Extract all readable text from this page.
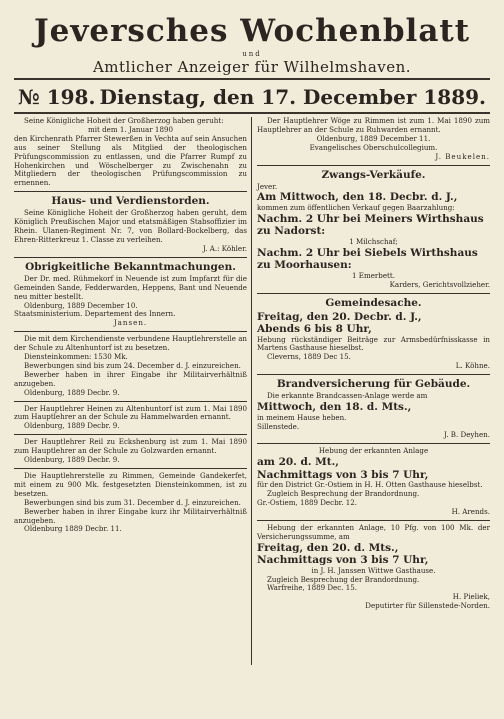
Jeversches Wochenblatt
und
Amtlicher Anzeiger für Wilhelmshaven.
№ 198. Dienstag, den 17. December 1889.

Seine Königliche Hoheit der Großherzog haben geruht:

mit dem 1. Januar 1890

den Kirchenrath Pfarrer Stewerßen in Vechta auf sein Ansuchen aus seiner Stellung als Mitglied der theologischen Prüfungscommission zu entlassen, und die Pfarrer Rumpf zu Hohenkirchen und Wöschelberger zu Zwischenahn zu Mitgliedern der theologischen Prüfungscommission zu ernennen.

Haus- und Verdienstorden.

Seine Königliche Hoheit der Großherzog haben geruht, dem Königlich Preußischen Major und etatsmäßigen Stabsoffizier im Rhein. Ulanen-Regiment Nr. 7, von Bollard-Bockelberg, das Ehren-Ritterkreuz 1. Classe zu verleihen.

J. A.: Köhler.

Obrigkeitliche Bekanntmachungen.

Der Dr. med. Rühmekorf in Neuende ist zum Impfarzt für die Gemeinden Sande, Fedderwarden, Heppens, Bant und Neuende neu mitter bestellt.

Oldenburg, 1889 December 10.

Staatsministerium. Departement des Innern.

Jansen.

Die mit dem Kirchendienste verbundene Hauptlehrerstelle an der Schule zu Altenhuntorf ist zu besetzen.

Diensteinkommen: 1530 Mk.

Bewerbungen sind bis zum 24. December d. J. einzureichen.

Bewerber haben in ihrer Eingabe ihr Militairverhältniß anzugeben.

Oldenburg, 1889 Decbr. 9.

Der Hauptlehrer Heinen zu Altenhuntorf ist zum 1. Mai 1890 zum Hauptlehrer an der Schule zu Hammelwarden ernannt.

Oldenburg, 1889 Decbr. 9.

Der Hauptlehrer Reil zu Eckshenburg ist zum 1. Mai 1890 zum Hauptlehrer an der Schule zu Golzwarden ernannt.

Oldenburg, 1889 Decbr. 9.

Die Hauptlehrerstelle zu Rimmen, Gemeinde Gandekerfet, mit einem zu 900 Mk. festgesetzten Diensteinkommen, ist zu besetzen.

Bewerbungen sind bis zum 31. December d. J. einzureichen.

Bewerber haben in ihrer Eingabe kurz ihr Militairverhältniß anzugeben.

Oldenburg 1889 Decbr. 11.

Der Hauptlehrer Wöge zu Rimmen ist zum 1. Mai 1890 zum Hauptlehrer an der Schule zu Ruhwarden ernannt.

Oldenburg, 1889 December 11.

Evangelisches Oberschulcollegium.

J. Beukelen.

Zwangs-Verkäufe.

Jever.

Am Mittwoch, den 18. Decbr. d. J.,

kommen zum öffentlichen Verkauf gegen Baarzahlung:

Nachm. 2 Uhr bei Meiners Wirthshaus zu Nadorst:

1 Milchschaf;

Nachm. 2 Uhr bei Siebels Wirthshaus zu Moorhausen:

1 Emerbett.

Karders, Gerichtsvollzieher.

Gemeindesache.

Freitag, den 20. Decbr. d. J.,

Abends 6 bis 8 Uhr,

Hebung rückständiger Beiträge zur Armsbedürfnisskasse in Martens Gasthause hieselbst.

Cleverns, 1889 Dec 15.

L. Köhne.

Brandversicherung für Gebäude.

Die erkannte Brandcassen-Anlage werde am

Mittwoch, den 18. d. Mts.,

in meinem Hause heben.

Sillenstede.

J. B. Deyhen.

Hebung der erkannten Anlage

am 20. d. Mt.,

Nachmittags von 3 bis 7 Uhr,

für den District Gr.-Ostiem in H. H. Otten Gasthause hieselbst.

Zugleich Besprechung der Brandordnung.

Gr.-Ostiem, 1889 Decbr. 12.

H. Arends.

Hebung der erkannten Anlage, 10 Pfg. von 100 Mk. der Versicherungssumme, am

Freitag, den 20. d. Mts.,

Nachmittags von 3 bis 7 Uhr,

in J. H. Janssen Wittwe Gasthause.

Zugleich Besprechung der Brandordnung.

Warfreihe, 1889 Dec. 15.

H. Pieliek,

Deputirter für Sillenstede-Norden.
